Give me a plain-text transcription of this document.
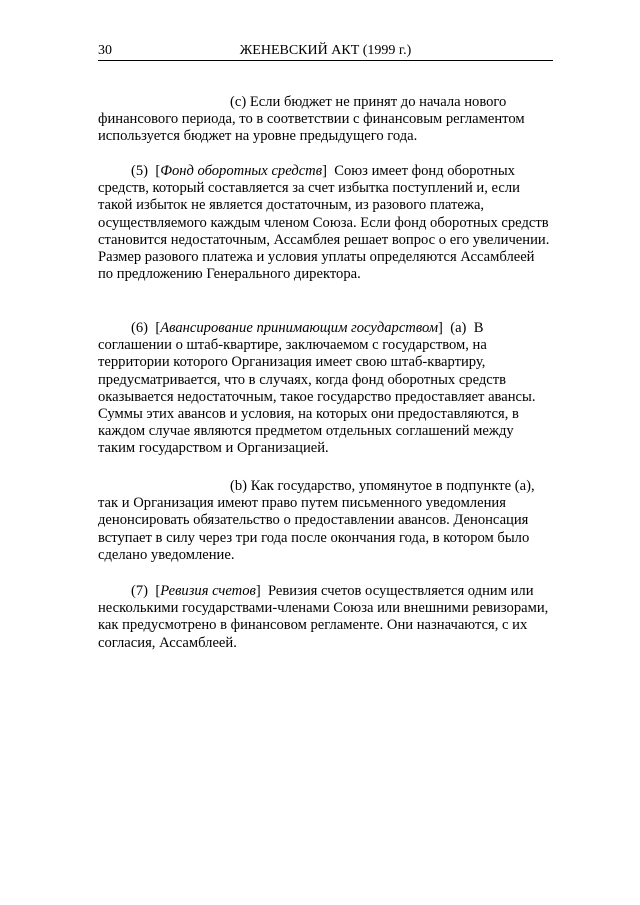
30	ЖЕНЕВСКИЙ АКТ (1999 г.)

(с) Если бюджет не принят до начала нового финансового периода, то в соответствии с финансовым регламентом используется бюджет на уровне предыдущего года.

(5) [Фонд оборотных средств] Союз имеет фонд оборотных средств, который составляется за счет избытка поступлений и, если такой избыток не является достаточным, из разового платежа, осуществляемого каждым членом Союза. Если фонд оборотных средств становится недостаточным, Ассамблея решает вопрос о его увеличении. Размер разового платежа и условия уплаты определяются Ассамблеей по предложению Генерального директора.

(6) [Авансирование принимающим государством] (a) В соглашении о штаб-квартире, заключаемом с государством, на территории которого Организация имеет свою штаб-квартиру, предусматривается, что в случаях, когда фонд оборотных средств оказывается недостаточным, такое государство предоставляет авансы. Суммы этих авансов и условия, на которых они предоставляются, в каждом случае являются предметом отдельных соглашений между таким государством и Организацией.

(b) Как государство, упомянутое в подпункте (а), так и Организация имеют право путем письменного уведомления денонсировать обязательство о предоставлении авансов. Денонсация вступает в силу через три года после окончания года, в котором было сделано уведомление.

(7) [Ревизия счетов] Ревизия счетов осуществляется одним или несколькими государствами-членами Союза или внешними ревизорами, как предусмотрено в финансовом регламенте. Они назначаются, с их согласия, Ассамблеей.
